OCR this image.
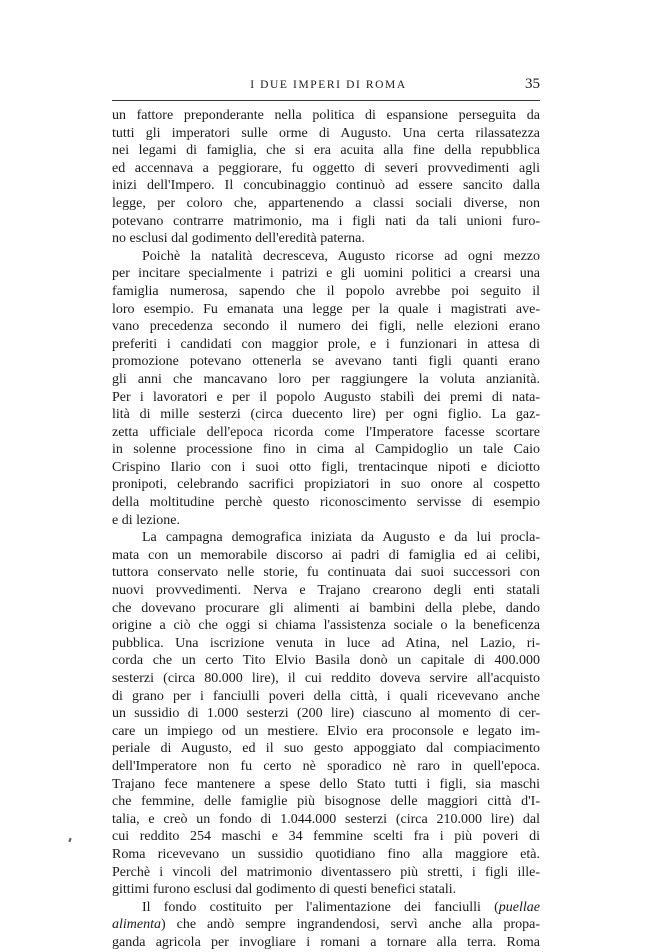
I DUE IMPERI DI ROMA	35
un fattore preponderante nella politica di espansione perseguita da
tutti gli imperatori sulle orme di Augusto. Una certa rilassatezza
nei legami di famiglia, che si era acuita alla fine della repubblica
ed accennava a peggiorare, fu oggetto di severi provvedimenti agli
inizi dell'Impero. Il concubinaggio continuò ad essere sancito dalla
legge, per coloro che, appartenendo a classi sociali diverse, non
potevano contrarre matrimonio, ma i figli nati da tali unioni furo-
no esclusi dal godimento dell'eredità paterna.
Poichè la natalità decresceva, Augusto ricorse ad ogni mezzo
per incitare specialmente i patrizi e gli uomini politici a crearsi una
famiglia numerosa, sapendo che il popolo avrebbe poi seguito il
loro esempio. Fu emanata una legge per la quale i magistrati ave-
vano precedenza secondo il numero dei figli, nelle elezioni erano
preferiti i candidati con maggior prole, e i funzionari in attesa di
promozione potevano ottenerla se avevano tanti figli quanti erano
gli anni che mancavano loro per raggiungere la voluta anzianità.
Per i lavoratori e per il popolo Augusto stabilì dei premi di nata-
lità di mille sesterzi (circa duecento lire) per ogni figlio. La gaz-
zetta ufficiale dell'epoca ricorda come l'Imperatore facesse scortare
in solenne processione fino in cima al Campidoglio un tale Caio
Crispino Ilario con i suoi otto figli, trentacinque nipoti e diciotto
pronipoti, celebrando sacrifici propiziatori in suo onore al cospetto
della moltitudine perchè questo riconoscimento servisse di esempio
e di lezione.
La campagna demografica iniziata da Augusto e da lui procla-
mata con un memorabile discorso ai padri di famiglia ed ai celibi,
tuttora conservato nelle storie, fu continuata dai suoi successori con
nuovi provvedimenti. Nerva e Trajano crearono degli enti statali
che dovevano procurare gli alimenti ai bambini della plebe, dando
origine a ciò che oggi si chiama l'assistenza sociale o la beneficenza
pubblica. Una iscrizione venuta in luce ad Atina, nel Lazio, ri-
corda che un certo Tito Elvio Basila donò un capitale di 400.000
sesterzi (circa 80.000 lire), il cui reddito doveva servire all'acquisto
di grano per i fanciulli poveri della città, i quali ricevevano anche
un sussidio di 1.000 sesterzi (200 lire) ciascuno al momento di cer-
care un impiego od un mestiere. Elvio era proconsole e legato im-
periale di Augusto, ed il suo gesto appoggiato dal compiacimento
dell'Imperatore non fu certo nè sporadico nè raro in quell'epoca.
Trajano fece mantenere a spese dello Stato tutti i figli, sia maschi
che femmine, delle famiglie più bisognose delle maggiori città d'I-
talia, e creò un fondo di 1.044.000 sesterzi (circa 210.000 lire) dal
cui reddito 254 maschi e 34 femmine scelti fra i più poveri di
Roma ricevevano un sussidio quotidiano fino alla maggiore età.
Perchè i vincoli del matrimonio diventassero più stretti, i figli ille-
gittimi furono esclusi dal godimento di questi benefici statali.
Il fondo costituito per l'alimentazione dei fanciulli (puellae
alimenta) che andò sempre ingrandendosi, servì anche alla propa-
ganda agricola per invogliare i romani a tornare alla terra. Roma
